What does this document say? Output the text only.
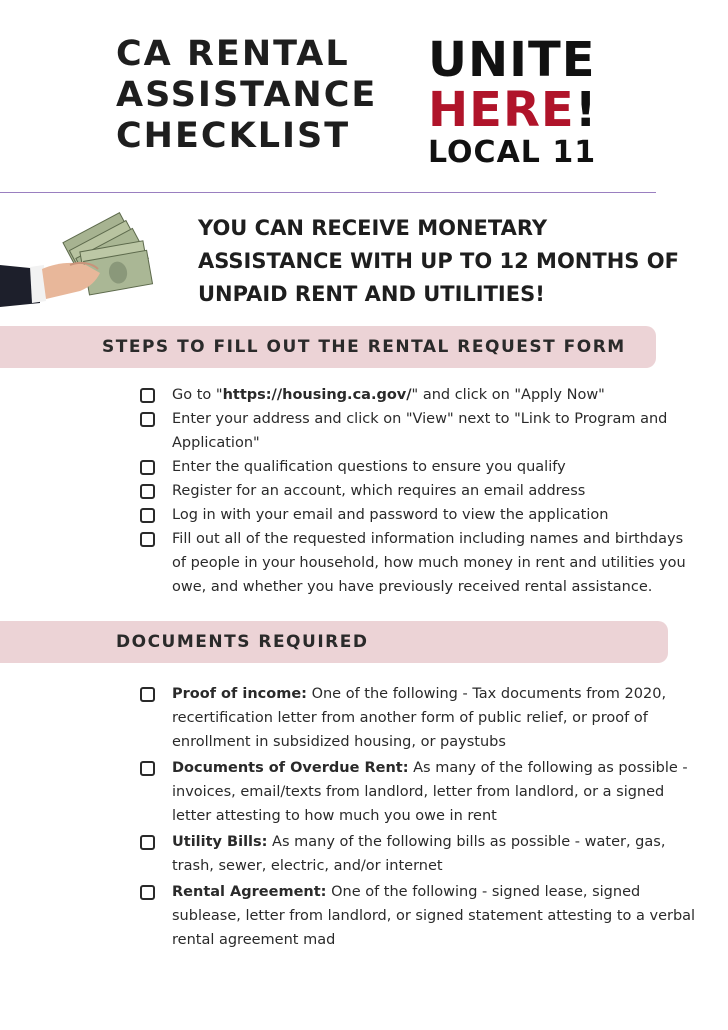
CA RENTAL
ASSISTANCE
CHECKLIST
UNITE
HERE!
LOCAL 11
YOU CAN RECEIVE MONETARY
ASSISTANCE WITH UP TO 12 MONTHS OF
UNPAID RENT AND UTILITIES!
STEPS TO FILL OUT THE RENTAL REQUEST FORM
Go to "https://housing.ca.gov/" and click on "Apply Now"
Enter your address and click on "View" next to "Link to Program and Application"
Enter the qualification questions to ensure you qualify
Register for an account, which requires an email address
Log in with your email and password to view the application
Fill out all of the requested information including names and birthdays of people in your household, how much money in rent and utilities you owe, and whether you have previously received rental assistance.
DOCUMENTS REQUIRED
Proof of income: One of the following - Tax documents from 2020, recertification letter from another form of public relief, or proof of enrollment in subsidized housing, or paystubs
Documents of Overdue Rent: As many of the following as possible - invoices, email/texts from landlord, letter from landlord, or a signed letter attesting to how much you owe in rent
Utility Bills: As many of the following bills as possible - water, gas, trash, sewer, electric, and/or internet
Rental Agreement: One of the following - signed lease, signed sublease, letter from landlord, or signed statement attesting to a verbal rental agreement mad
